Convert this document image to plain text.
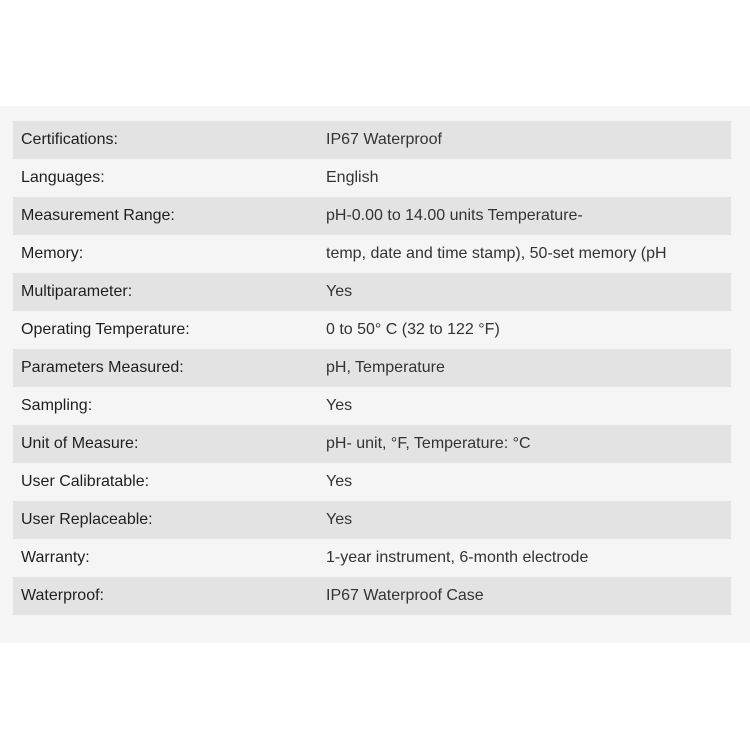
Certifications:	IP67 Waterproof
Languages:	English
Measurement Range:	pH-0.00 to 14.00 units Temperature-
Memory:	temp, date and time stamp), 50-set memory (pH
Multiparameter:	Yes
Operating Temperature:	0 to 50° C (32 to 122 °F)
Parameters Measured:	pH, Temperature
Sampling:	Yes
Unit of Measure:	pH- unit, °F, Temperature: °C
User Calibratable:	Yes
User Replaceable:	Yes
Warranty:	1-year instrument, 6-month electrode
Waterproof:	IP67 Waterproof Case
